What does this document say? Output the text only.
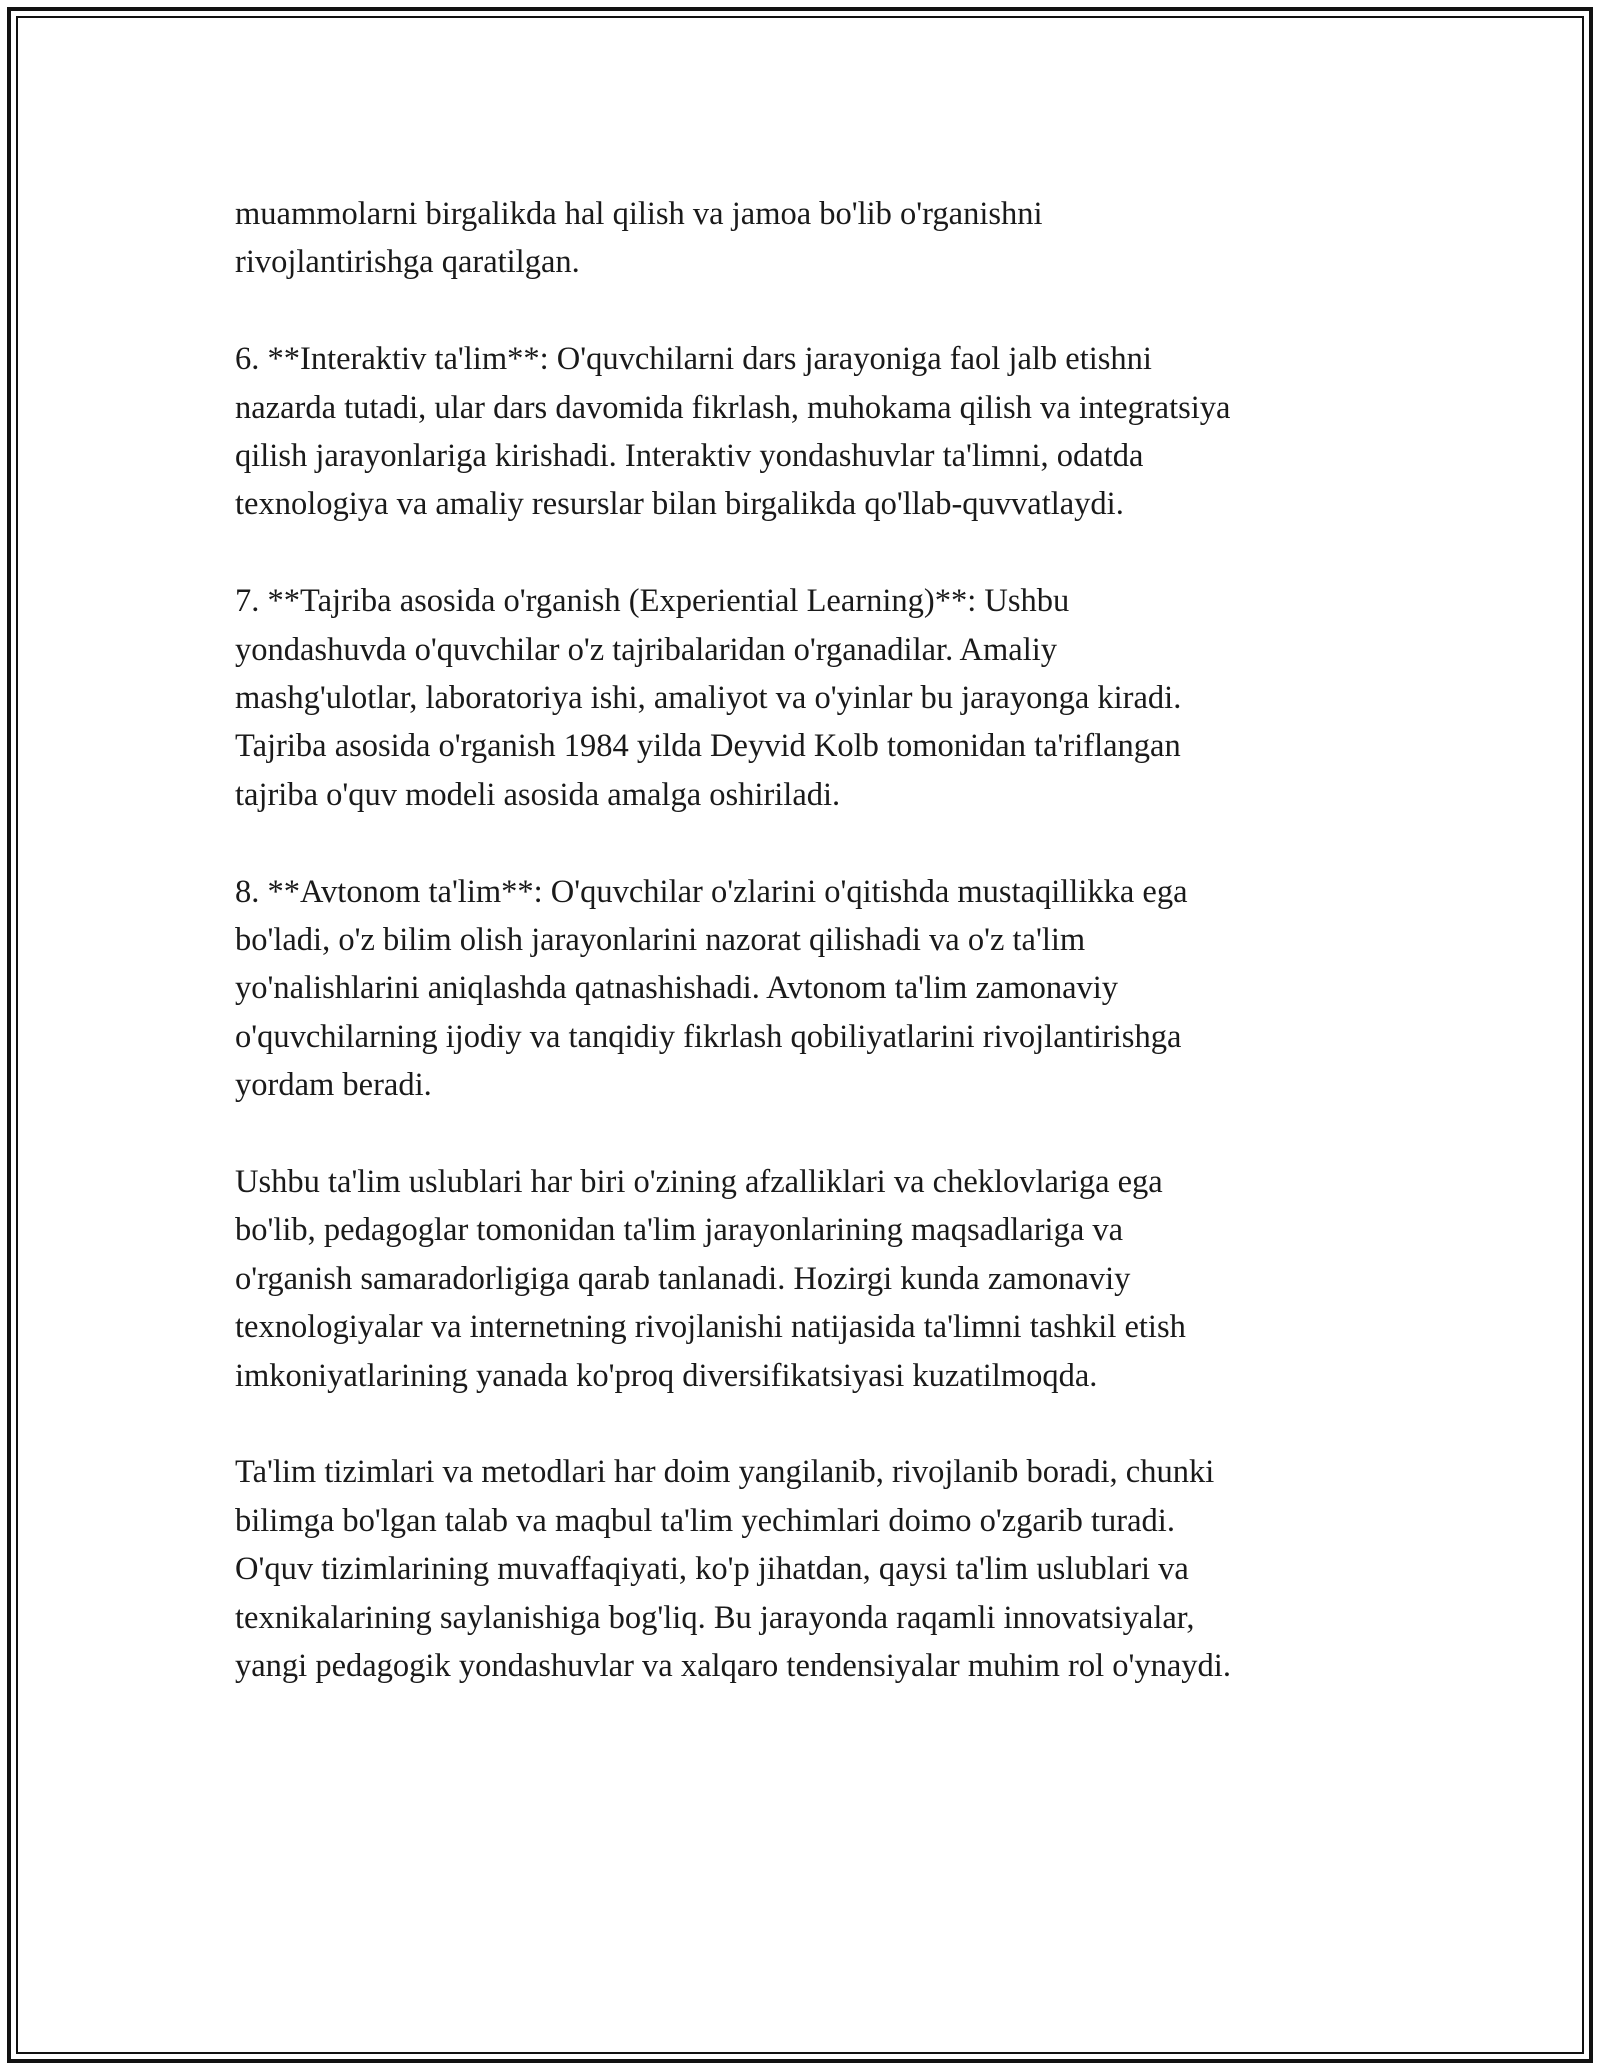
muammolarni birgalikda hal qilish va jamoa bo'lib o'rganishni
rivojlantirishga qaratilgan.

6. **Interaktiv ta'lim**: O'quvchilarni dars jarayoniga faol jalb etishni
nazarda tutadi, ular dars davomida fikrlash, muhokama qilish va integratsiya
qilish jarayonlariga kirishadi. Interaktiv yondashuvlar ta'limni, odatda
texnologiya va amaliy resurslar bilan birgalikda qo'llab-quvvatlaydi.

7. **Tajriba asosida o'rganish (Experiential Learning)**: Ushbu
yondashuvda o'quvchilar o'z tajribalaridan o'rganadilar. Amaliy
mashg'ulotlar, laboratoriya ishi, amaliyot va o'yinlar bu jarayonga kiradi.
Tajriba asosida o'rganish 1984 yilda Deyvid Kolb tomonidan ta'riflangan
tajriba o'quv modeli asosida amalga oshiriladi.

8. **Avtonom ta'lim**: O'quvchilar o'zlarini o'qitishda mustaqillikka ega
bo'ladi, o'z bilim olish jarayonlarini nazorat qilishadi va o'z ta'lim
yo'nalishlarini aniqlashda qatnashishadi. Avtonom ta'lim zamonaviy
o'quvchilarning ijodiy va tanqidiy fikrlash qobiliyatlarini rivojlantirishga
yordam beradi.

Ushbu ta'lim uslublari har biri o'zining afzalliklari va cheklovlariga ega
bo'lib, pedagoglar tomonidan ta'lim jarayonlarining maqsadlariga va
o'rganish samaradorligiga qarab tanlanadi. Hozirgi kunda zamonaviy
texnologiyalar va internetning rivojlanishi natijasida ta'limni tashkil etish
imkoniyatlarining yanada ko'proq diversifikatsiyasi kuzatilmoqda.

Ta'lim tizimlari va metodlari har doim yangilanib, rivojlanib boradi, chunki
bilimga bo'lgan talab va maqbul ta'lim yechimlari doimo o'zgarib turadi.
O'quv tizimlarining muvaffaqiyati, ko'p jihatdan, qaysi ta'lim uslublari va
texnikalarining saylanishiga bog'liq. Bu jarayonda raqamli innovatsiyalar,
yangi pedagogik yondashuvlar va xalqaro tendensiyalar muhim rol o'ynaydi.
